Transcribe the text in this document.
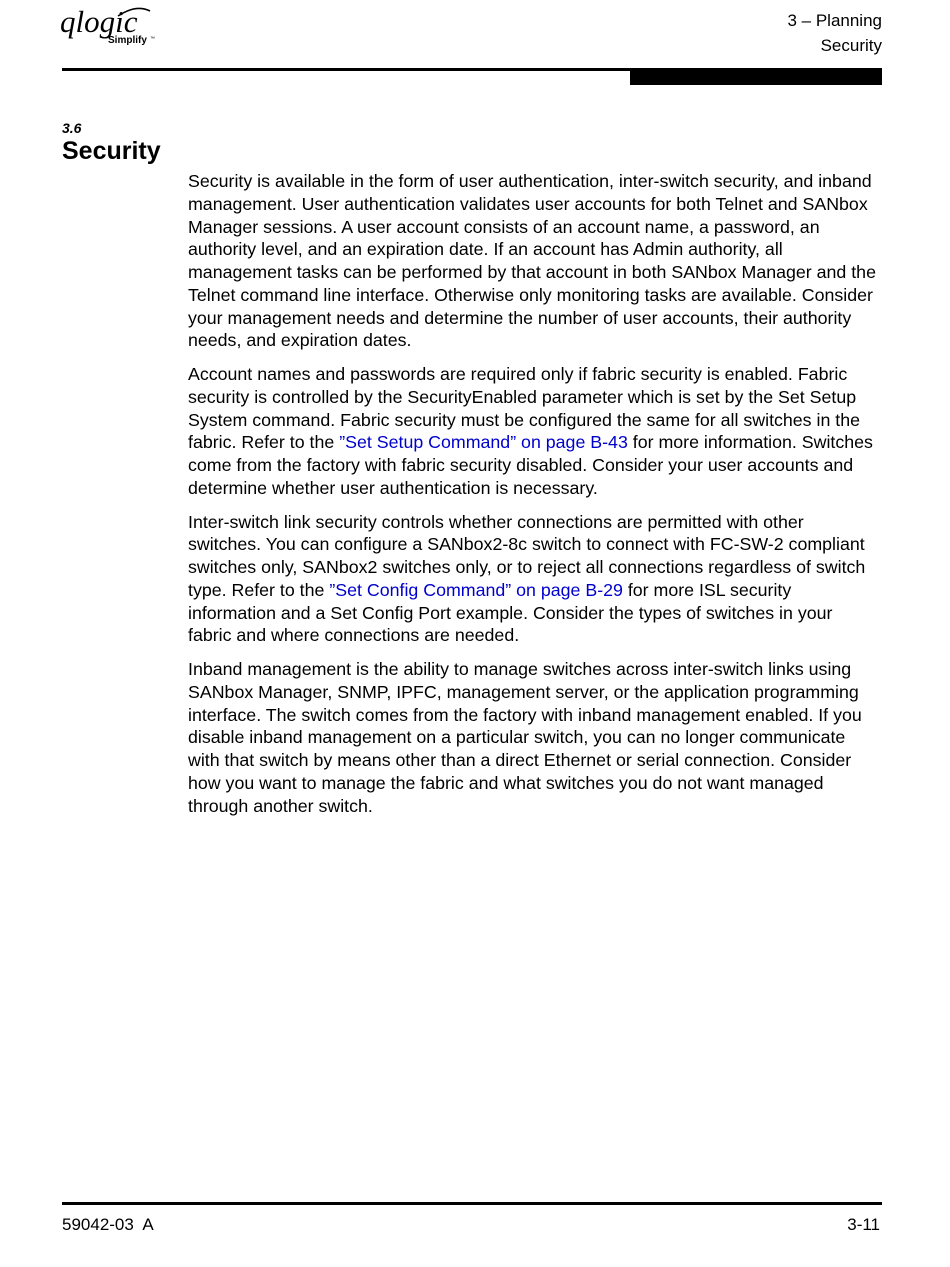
qlogic
Simplify ™
3 – Planning
Security
3.6
Security

Security is available in the form of user authentication, inter-switch security, and inband management. User authentication validates user accounts for both Telnet and SANbox Manager sessions. A user account consists of an account name, a password, an authority level, and an expiration date. If an account has Admin authority, all management tasks can be performed by that account in both SANbox Manager and the Telnet command line interface. Otherwise only monitoring tasks are available. Consider your management needs and determine the number of user accounts, their authority needs, and expiration dates.

Account names and passwords are required only if fabric security is enabled. Fabric security is controlled by the SecurityEnabled parameter which is set by the Set Setup System command. Fabric security must be configured the same for all switches in the fabric. Refer to the ”Set Setup Command” on page B-43 for more information. Switches come from the factory with fabric security disabled. Consider your user accounts and determine whether user authentication is necessary.

Inter-switch link security controls whether connections are permitted with other switches. You can configure a SANbox2-8c switch to connect with FC-SW-2 compliant switches only, SANbox2 switches only, or to reject all connections regardless of switch type. Refer to the ”Set Config Command” on page B-29 for more ISL security information and a Set Config Port example. Consider the types of switches in your fabric and where connections are needed.

Inband management is the ability to manage switches across inter-switch links using SANbox Manager, SNMP, IPFC, management server, or the application programming interface. The switch comes from the factory with inband management enabled. If you disable inband management on a particular switch, you can no longer communicate with that switch by means other than a direct Ethernet or serial connection. Consider how you want to manage the fabric and what switches you do not want managed through another switch.

59042-03  A	3-11
